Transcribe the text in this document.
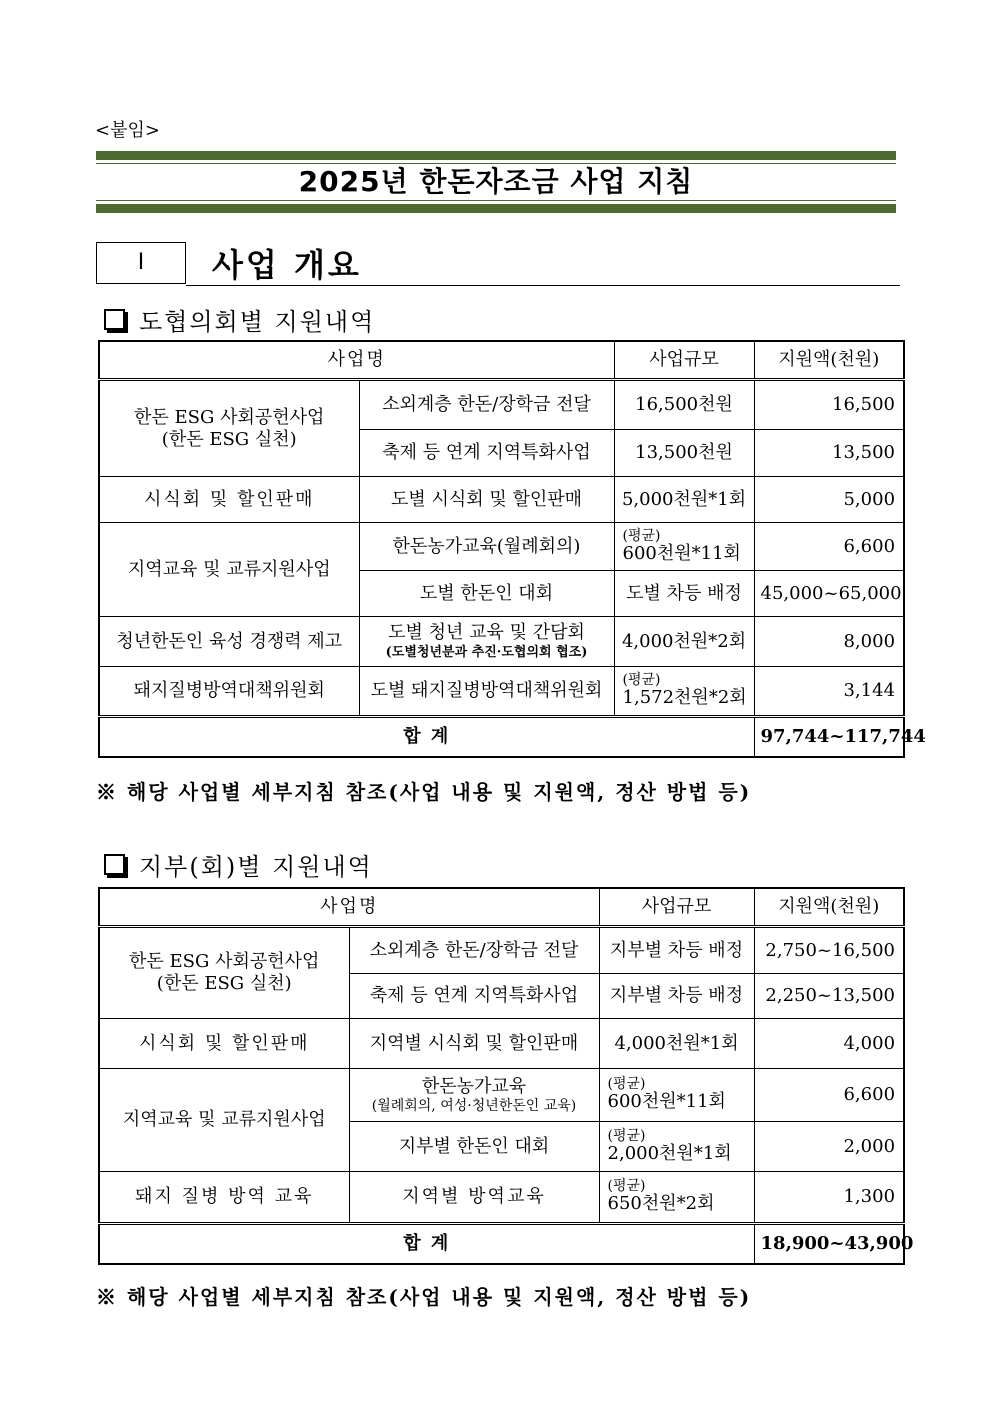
<붙임>
2025년 한돈자조금 사업 지침
Ⅰ	사업 개요
도협의회별 지원내역
사업명		사업규모	지원액(천원)
한돈 ESG 사회공헌사업
(한돈 ESG 실천)	소외계층 한돈/장학금 전달	16,500천원	16,500
	축제 등 연계 지역특화사업	13,500천원	13,500
시식회 및 할인판매	도별 시식회 및 할인판매	5,000천원*1회	5,000
지역교육 및 교류지원사업	한돈농가교육(월례회의)	(평균)
600천원*11회	6,600
	도별 한돈인 대회	도별 차등 배정	45,000~65,000
청년한돈인 육성 경쟁력 제고	도별 청년 교육 및 간담회
(도별청년분과 추진·도협의회 협조)	4,000천원*2회	8,000
돼지질병방역대책위원회	도별 돼지질병방역대책위원회	(평균)
1,572천원*2회	3,144
합 계			97,744~117,744
※ 해당 사업별 세부지침 참조(사업 내용 및 지원액, 정산 방법 등)
지부(회)별 지원내역
사업명		사업규모	지원액(천원)
한돈 ESG 사회공헌사업
(한돈 ESG 실천)	소외계층 한돈/장학금 전달	지부별 차등 배정	2,750~16,500
	축제 등 연계 지역특화사업	지부별 차등 배정	2,250~13,500
시식회 및 할인판매	지역별 시식회 및 할인판매	4,000천원*1회	4,000
지역교육 및 교류지원사업	한돈농가교육
(월례회의, 여성·청년한돈인 교육)	(평균)
600천원*11회	6,600
	지부별 한돈인 대회	(평균)
2,000천원*1회	2,000
돼지 질병 방역 교육	지역별 방역교육	(평균)
650천원*2회	1,300
합 계			18,900~43,900
※ 해당 사업별 세부지침 참조(사업 내용 및 지원액, 정산 방법 등)
